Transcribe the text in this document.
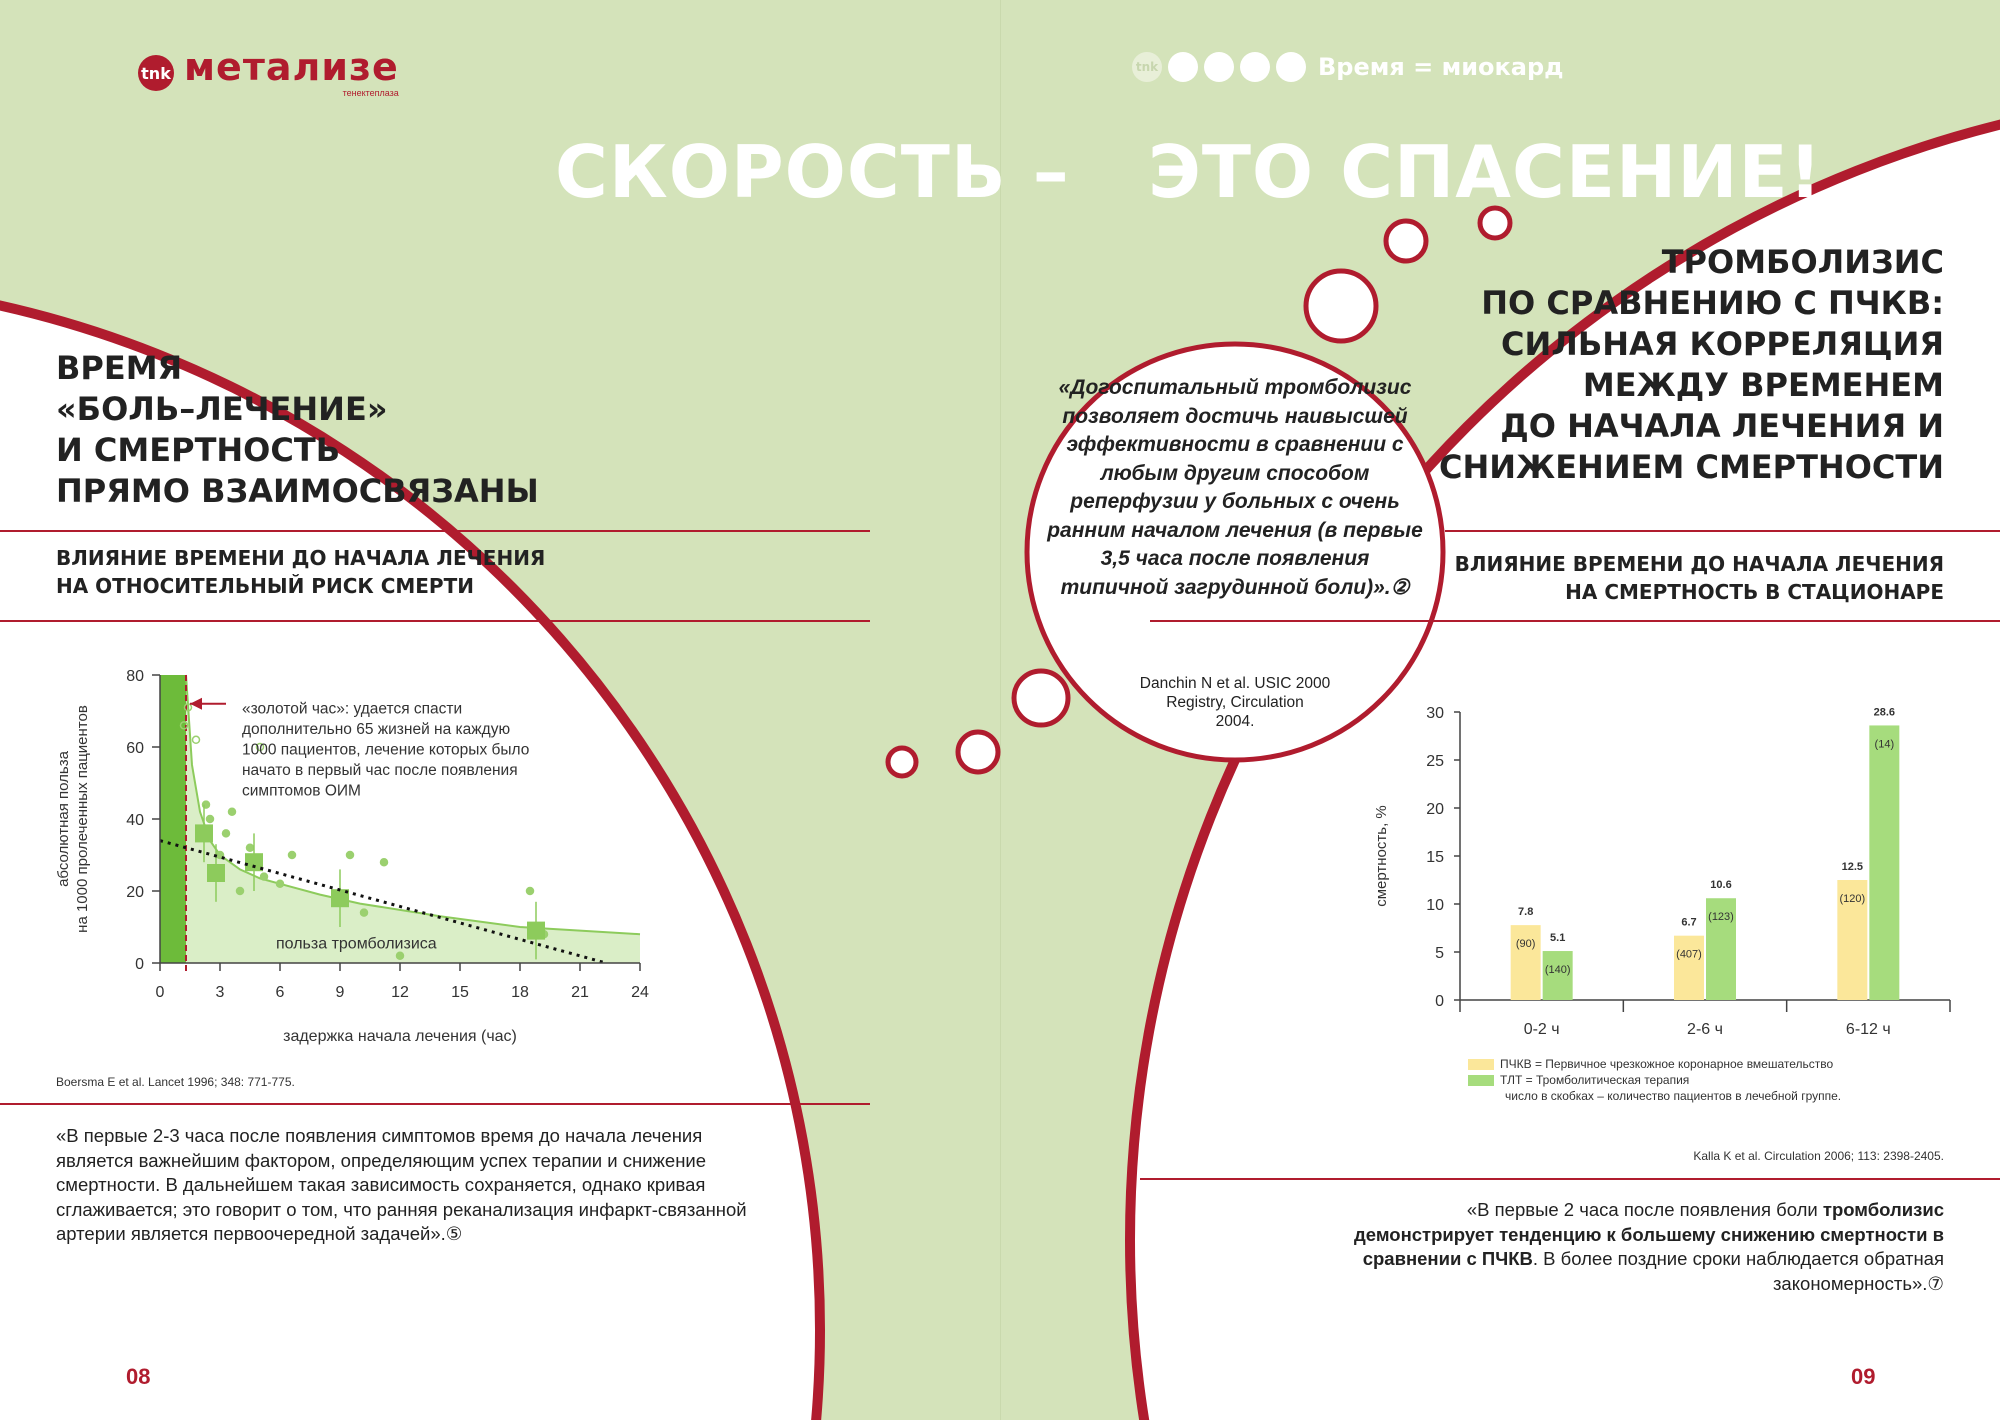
tnk метализе
тенектеплаза
tnk	Время = миокард
СКОРОСТЬ –   ЭТО СПАСЕНИЕ!
ВРЕМЯ
«БОЛЬ–ЛЕЧЕНИЕ»
И СМЕРТНОСТЬ
ПРЯМО ВЗАИМОСВЯЗАНЫ
ВЛИЯНИЕ ВРЕМЕНИ ДО НАЧАЛА ЛЕЧЕНИЯ
НА ОТНОСИТЕЛЬНЫЙ РИСК СМЕРТИ
0
20
40
60
80
0	3	6	9	12	15	18	21	24
задержка начала лечения (час)
абсолютная польза на 1000 пролеченных пациентов	«золотой час»: удается спасти дополнительно 65 жизней на каждую 1000 пациентов, лечение которых было начато в первый час после появления симптомов ОИМ
польза тромболизиса
Boersma E et al. Lancet 1996; 348: 771-775.
«В первые 2-3 часа после появления симптомов время до начала лечения является важнейшим фактором, определяющим успех терапии и снижение смертности. В дальнейшем такая зависимость сохраняется, однако кривая сглаживается; это говорит о том, что ранняя реканализация инфаркт-связанной артерии является первоочередной задачей».⑤
08
«Догоспитальный тромболизис позволяет достичь наивысшей эффективности в сравнении с любым другим способом реперфузии у больных с очень ранним началом лечения (в первые 3,5 часа после появления типичной загрудинной боли)».②
Danchin N et al. USIC 2000
Registry, Circulation
2004.
ТРОМБОЛИЗИС
ПО СРАВНЕНИЮ С ПЧКВ:
СИЛЬНАЯ КОРРЕЛЯЦИЯ
МЕЖДУ ВРЕМЕНЕМ
ДО НАЧАЛА ЛЕЧЕНИЯ И
СНИЖЕНИЕМ СМЕРТНОСТИ
ВЛИЯНИЕ ВРЕМЕНИ ДО НАЧАЛА ЛЕЧЕНИЯ
НА СМЕРТНОСТЬ В СТАЦИОНАРЕ
0
5
10
15
20
25
30
0-2 ч	2-6 ч	6-12 ч
7.8
(90)
6.7
(407)
12.5
(120)
5.1
(140)
10.6
(123)
28.6
(14)
смертность, %
ПЧКВ = Первичное чрезкожное коронарное вмешательство
ТЛТ = Тромболитическая терапия
число в скобках – количество пациентов в лечебной группе.
Kalla K et al. Circulation 2006; 113: 2398-2405.
«В первые 2 часа после появления боли тромболизис демонстрирует тенденцию к большему снижению смертности в сравнении с ПЧКВ. В более поздние сроки наблюдается обратная закономерность».⑦
09
